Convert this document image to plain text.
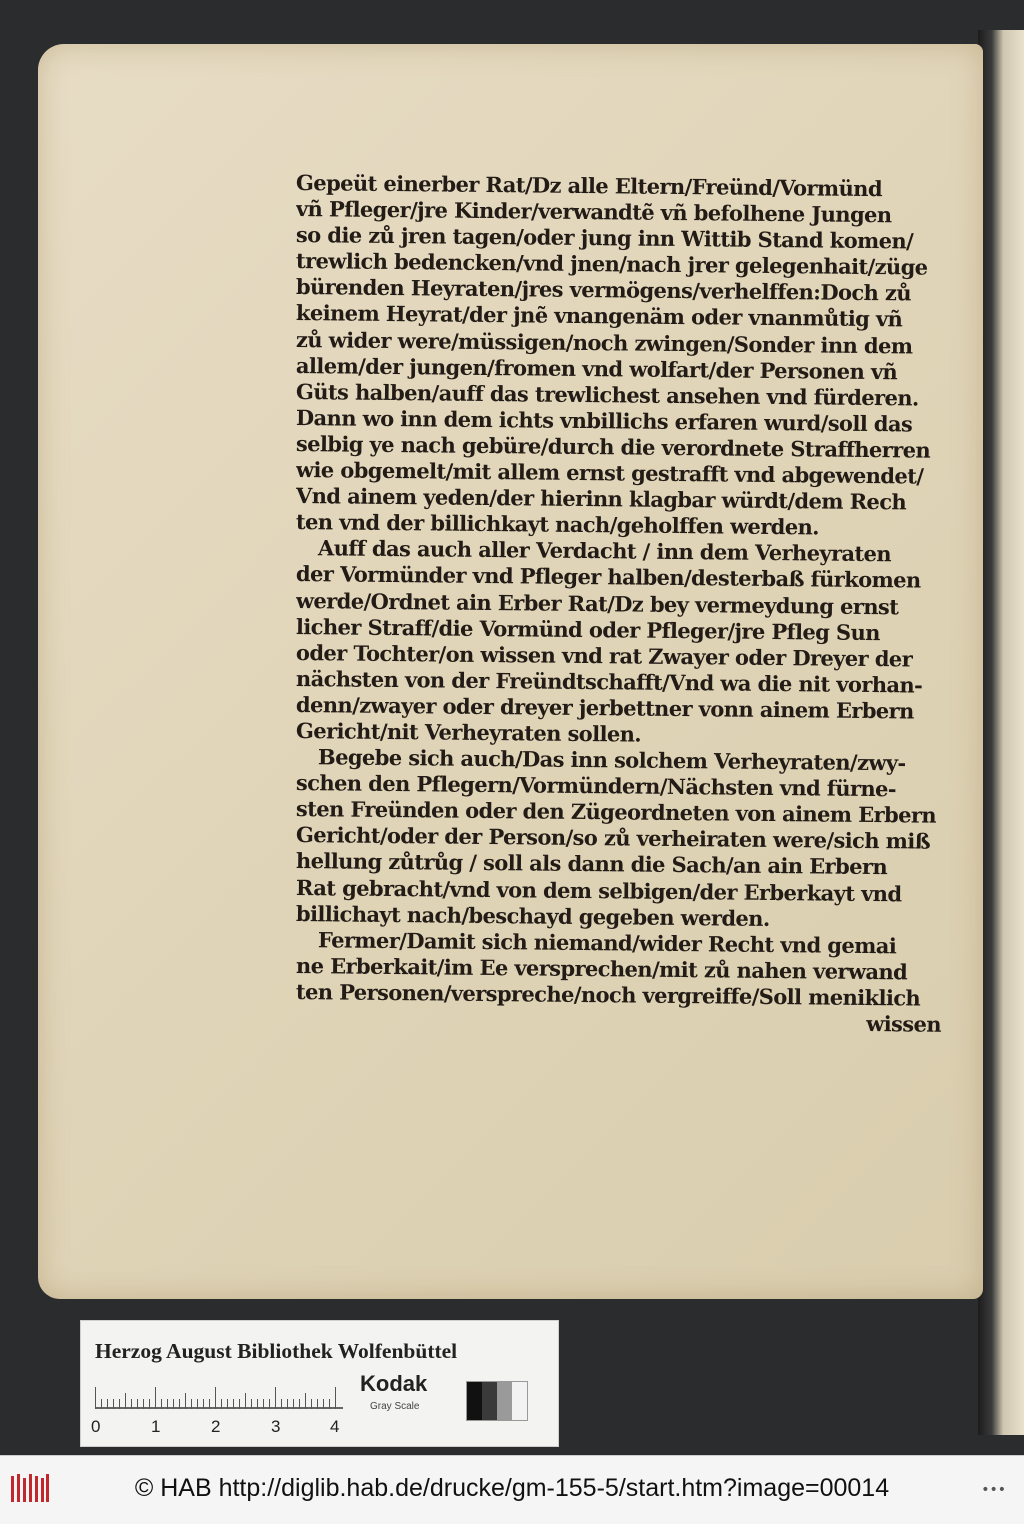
Gepeüt einerber Rat/Dz alle Eltern/Freünd/Vormünd
vñ Pfleger/jre Kinder/verwandtẽ vñ befolhene Jungen
so die zů jren tagen/oder jung inn Wittib Stand komen/
trewlich bedencken/vnd jnen/nach jrer gelegenhait/züge
bürenden Heyraten/jres vermögens/verhelffen:Doch zů
keinem Heyrat/der jnẽ vnangenäm oder vnanmůtig vñ
zů wider were/müssigen/noch zwingen/Sonder inn dem
allem/der jungen/fromen vnd wolfart/der Personen vñ
Güts halben/auff das trewlichest ansehen vnd fürderen.
Dann wo inn dem ichts vnbillichs erfaren wurd/soll das
selbig ye nach gebüre/durch die verordnete Straffherren
wie obgemelt/mit allem ernst gestrafft vnd abgewendet/
Vnd ainem yeden/der hierinn klagbar würdt/dem Rech
ten vnd der billichkayt nach/geholffen werden.
Auff das auch aller Verdacht / inn dem Verheyraten
der Vormünder vnd Pfleger halben/desterbaß fürkomen
werde/Ordnet ain Erber Rat/Dz bey vermeydung ernst
licher Straff/die Vormünd oder Pfleger/jre Pfleg Sun
oder Tochter/on wissen vnd rat Zwayer oder Dreyer der
nächsten von der Freündtschafft/Vnd wa die nit vorhan-
denn/zwayer oder dreyer jerbettner vonn ainem Erbern
Gericht/nit Verheyraten sollen.
Begebe sich auch/Das inn solchem Verheyraten/zwy-
schen den Pflegern/Vormündern/Nächsten vnd fürne-
sten Freünden oder den Zügeordneten von ainem Erbern
Gericht/oder der Person/so zů verheiraten were/sich miß
hellung zůtrůg / soll als dann die Sach/an ain Erbern
Rat gebracht/vnd von dem selbigen/der Erberkayt vnd
billichayt nach/beschayd gegeben werden.
Fermer/Damit sich niemand/wider Recht vnd gemai
ne Erberkait/im Ee versprechen/mit zů nahen verwand
ten Personen/verspreche/noch vergreiffe/Soll meniklich
wissen
Herzog August Bibliothek Wolfenbüttel
0	1	2	3	4
Kodak
Gray Scale
© HAB http://diglib.hab.de/drucke/gm-155-5/start.htm?image=00014	•••
